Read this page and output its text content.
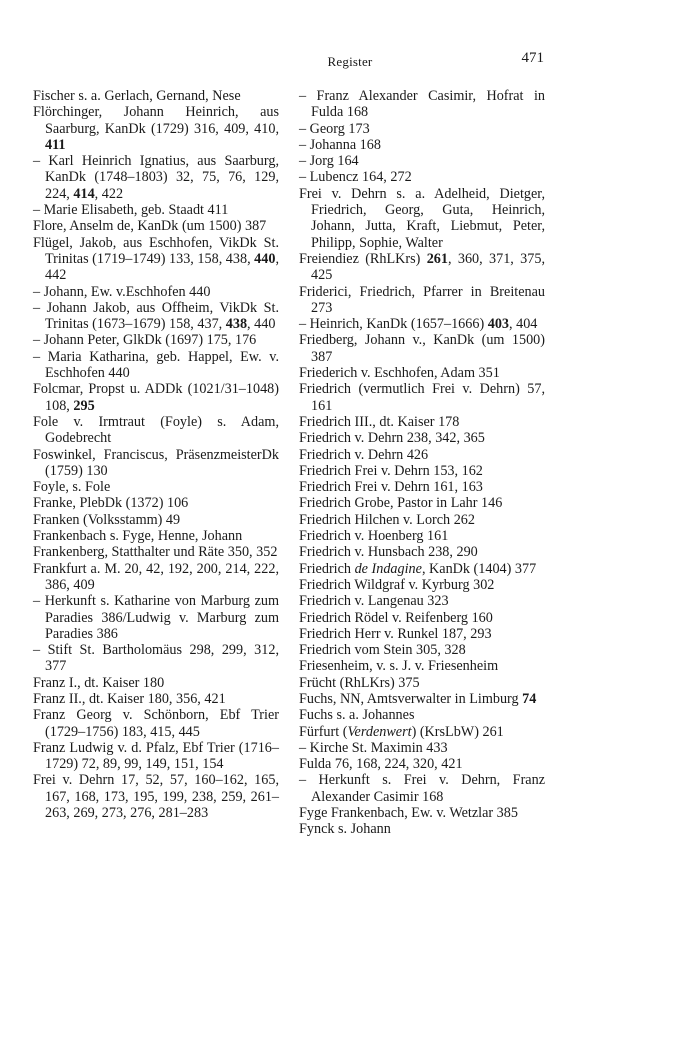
Register	471
Fischer s. a. Gerlach, Gernand, Nese
Flörchinger, Johann Heinrich, aus Saarburg, KanDk (1729) 316, 409, 410, 411
– Karl Heinrich Ignatius, aus Saarburg, KanDk (1748–1803) 32, 75, 76, 129, 224, 414, 422
– Marie Elisabeth, geb. Staadt 411
Flore, Anselm de, KanDk (um 1500) 387
Flügel, Jakob, aus Eschhofen, VikDk St. Trinitas (1719–1749) 133, 158, 438, 440, 442
– Johann, Ew. v.Eschhofen 440
– Johann Jakob, aus Offheim, VikDk St. Trinitas (1673–1679) 158, 437, 438, 440
– Johann Peter, GlkDk (1697) 175, 176
– Maria Katharina, geb. Happel, Ew. v. Eschhofen 440
Folcmar, Propst u. ADDk (1021/31–1048) 108, 295
Fole v. Irmtraut (Foyle) s. Adam, Godebrecht
Foswinkel, Franciscus, PräsenzmeisterDk (1759) 130
Foyle, s. Fole
Franke, PlebDk (1372) 106
Franken (Volksstamm) 49
Frankenbach s. Fyge, Henne, Johann
Frankenberg, Statthalter und Räte 350, 352
Frankfurt a. M. 20, 42, 192, 200, 214, 222, 386, 409
– Herkunft s. Katharine von Marburg zum Paradies 386/Ludwig v. Marburg zum Paradies 386
– Stift St. Bartholomäus 298, 299, 312, 377
Franz I., dt. Kaiser 180
Franz II., dt. Kaiser 180, 356, 421
Franz Georg v. Schönborn, Ebf Trier (1729–1756) 183, 415, 445
Franz Ludwig v. d. Pfalz, Ebf Trier (1716–1729) 72, 89, 99, 149, 151, 154
Frei v. Dehrn 17, 52, 57, 160–162, 165, 167, 168, 173, 195, 199, 238, 259, 261–263, 269, 273, 276, 281–283
– Franz Alexander Casimir, Hofrat in Fulda 168
– Georg 173
– Johanna 168
– Jorg 164
– Lubencz 164, 272
Frei v. Dehrn s. a. Adelheid, Dietger, Friedrich, Georg, Guta, Heinrich, Johann, Jutta, Kraft, Liebmut, Peter, Philipp, Sophie, Walter
Freiendiez (RhLKrs) 261, 360, 371, 375, 425
Friderici, Friedrich, Pfarrer in Breitenau 273
– Heinrich, KanDk (1657–1666) 403, 404
Friedberg, Johann v., KanDk (um 1500) 387
Friederich v. Eschhofen, Adam 351
Friedrich (vermutlich Frei v. Dehrn) 57, 161
Friedrich III., dt. Kaiser 178
Friedrich v. Dehrn 238, 342, 365
Friedrich v. Dehrn 426
Friedrich Frei v. Dehrn 153, 162
Friedrich Frei v. Dehrn 161, 163
Friedrich Grobe, Pastor in Lahr 146
Friedrich Hilchen v. Lorch 262
Friedrich v. Hoenberg 161
Friedrich v. Hunsbach 238, 290
Friedrich de Indagine, KanDk (1404) 377
Friedrich Wildgraf v. Kyrburg 302
Friedrich v. Langenau 323
Friedrich Rödel v. Reifenberg 160
Friedrich Herr v. Runkel 187, 293
Friedrich vom Stein 305, 328
Friesenheim, v. s. J. v. Friesenheim
Frücht (RhLKrs) 375
Fuchs, NN, Amtsverwalter in Limburg 74
Fuchs s. a. Johannes
Fürfurt (Verdenwert) (KrsLbW) 261
– Kirche St. Maximin 433
Fulda 76, 168, 224, 320, 421
– Herkunft s. Frei v. Dehrn, Franz Alexander Casimir 168
Fyge Frankenbach, Ew. v. Wetzlar 385
Fynck s. Johann
